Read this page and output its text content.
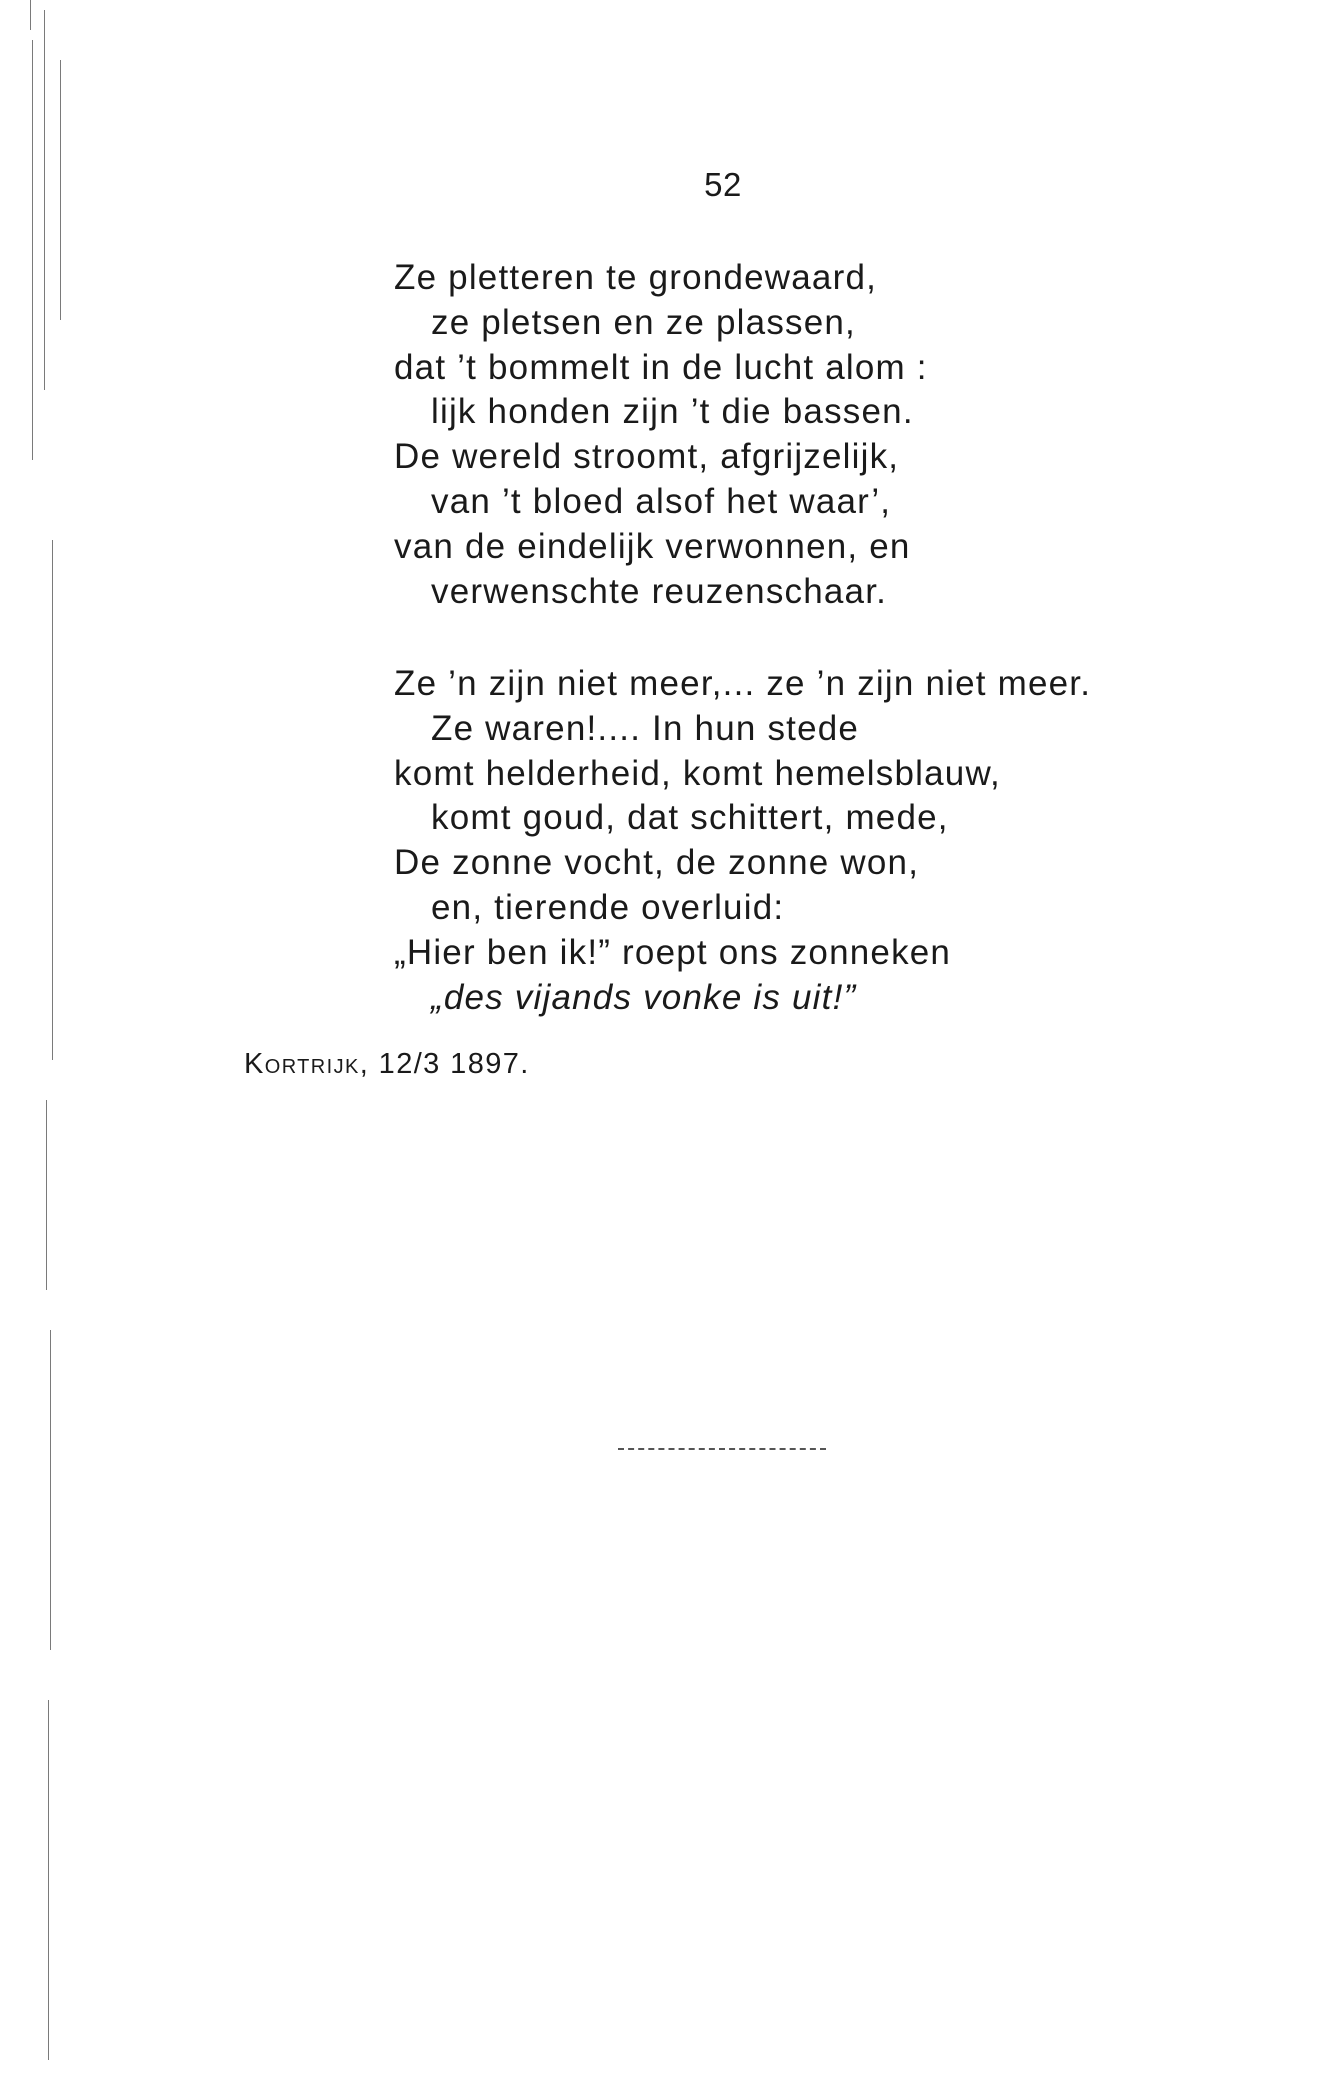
52
Ze pletteren te grondewaard,
ze pletsen en ze plassen,
dat ’t bommelt in de lucht alom :
lijk honden zijn ’t die bassen.
De wereld stroomt, afgrijzelijk,
van ’t bloed alsof het waar’,
van de eindelijk verwonnen, en
verwenschte reuzenschaar.
Ze ’n zijn niet meer,... ze ’n zijn niet meer.
Ze waren!.... In hun stede
komt helderheid, komt hemelsblauw,
komt goud, dat schittert, mede,
De zonne vocht, de zonne won,
en, tierende overluid:
„Hier ben ik!” roept ons zonneken
„des vijands vonke is uit!”
Kortrijk, 12/3 1897.
